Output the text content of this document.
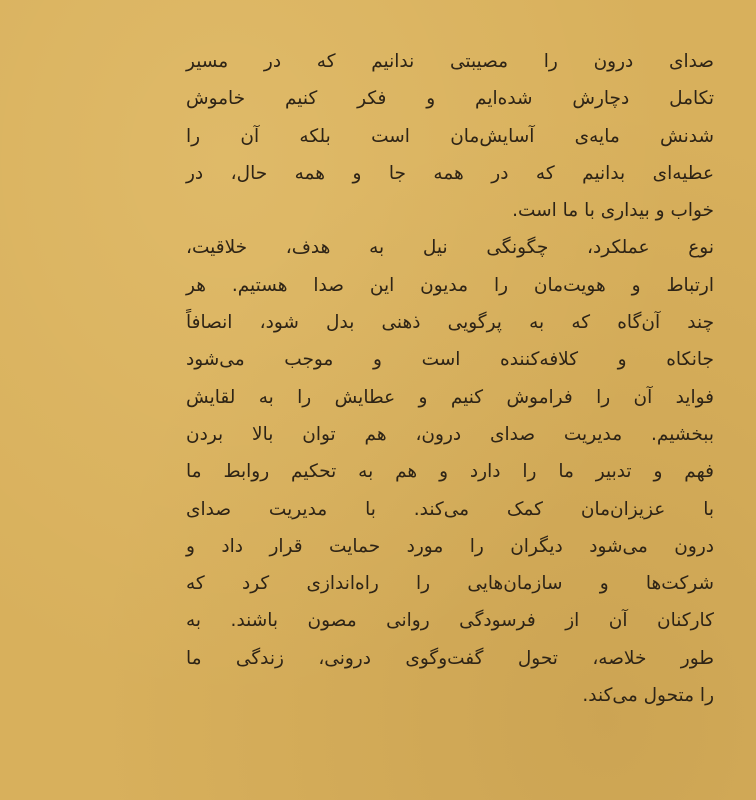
صدای درون را مصیبتی ندانیم که در مسیر
تکامل دچارش شده‌ایم و فکر کنیم خاموش
شدنش مایه‌ی آسایش‌مان است بلکه آن را
عطیه‌ای بدانیم که در همه جا و همه حال، در
خواب و بیداری با ما است.
نوع عملکرد، چگونگی نیل به هدف، خلاقیت،
ارتباط و هویت‌مان را مدیون این صدا هستیم. هر
چند آن‌گاه که به پرگویی ذهنی بدل شود، انصافاً
جانکاه و کلافه‌کننده است و موجب می‌شود
فواید آن را فراموش کنیم و عطایش را به لقایش
ببخشیم. مدیریت صدای درون، هم توان بالا بردن
فهم و تدبیر ما را دارد و هم به تحکیم روابط ما
با عزیزان‌مان کمک می‌کند. با مدیریت صدای
درون می‌شود دیگران را مورد حمایت قرار داد و
شرکت‌ها و سازمان‌هایی را راه‌اندازی کرد که
کارکنان آن از فرسودگی روانی مصون باشند. به
طور خلاصه، تحول گفت‌وگوی درونی، زندگی ما
را متحول می‌کند.
